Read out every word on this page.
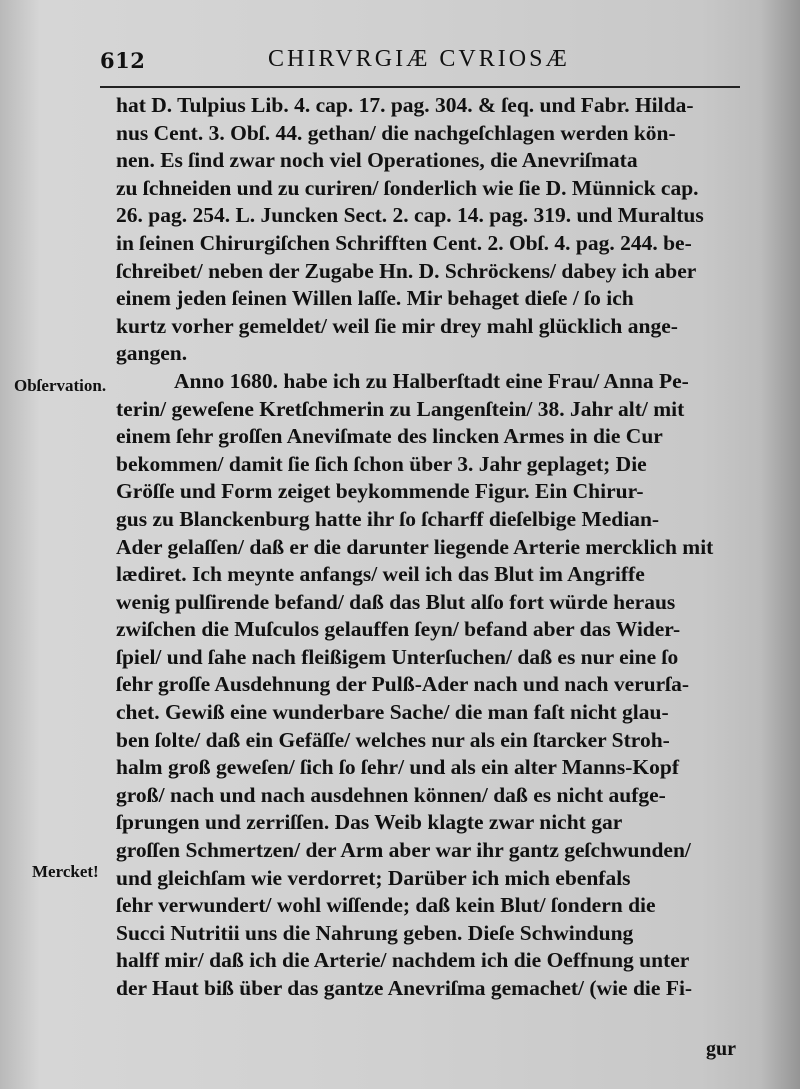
612	CHIRVRGIÆ CVRIOSÆ
Obſervation.
Mercket!
hat D. Tulpius Lib. 4. cap. 17. pag. 304. & ſeq. und Fabr. Hilda-
nus Cent. 3. Obſ. 44. gethan/ die nachgeſchlagen werden kön-
nen. Es ſind zwar noch viel Operationes, die Anevriſmata
zu ſchneiden und zu curiren/ ſonderlich wie ſie D. Münnick cap.
26. pag. 254. L. Juncken Sect. 2. cap. 14. pag. 319. und Muraltus
in ſeinen Chirurgiſchen Schrifften Cent. 2. Obſ. 4. pag. 244. be-
ſchreibet/ neben der Zugabe Hn. D. Schröckens/ dabey ich aber
einem jeden ſeinen Willen laſſe. Mir behaget dieſe / ſo ich
kurtz vorher gemeldet/ weil ſie mir drey mahl glücklich ange-
gangen.
Anno 1680. habe ich zu Halberſtadt eine Frau/ Anna Pe-
terin/ geweſene Kretſchmerin zu Langenſtein/ 38. Jahr alt/ mit
einem ſehr groſſen Aneviſmate des lincken Armes in die Cur
bekommen/ damit ſie ſich ſchon über 3. Jahr geplaget; Die
Gröſſe und Form zeiget beykommende Figur. Ein Chirur-
gus zu Blanckenburg hatte ihr ſo ſcharff dieſelbige Median-
Ader gelaſſen/ daß er die darunter liegende Arterie mercklich mit
lædiret. Ich meynte anfangs/ weil ich das Blut im Angriffe
wenig pulſirende befand/ daß das Blut alſo fort würde heraus
zwiſchen die Muſculos gelauffen ſeyn/ befand aber das Wider-
ſpiel/ und ſahe nach fleißigem Unterſuchen/ daß es nur eine ſo
ſehr groſſe Ausdehnung der Pulß-Ader nach und nach verurſa-
chet. Gewiß eine wunderbare Sache/ die man faſt nicht glau-
ben ſolte/ daß ein Gefäſſe/ welches nur als ein ſtarcker Stroh-
halm groß geweſen/ ſich ſo ſehr/ und als ein alter Manns-Kopf
groß/ nach und nach ausdehnen können/ daß es nicht aufge-
ſprungen und zerriſſen. Das Weib klagte zwar nicht gar
groſſen Schmertzen/ der Arm aber war ihr gantz geſchwunden/
und gleichſam wie verdorret; Darüber ich mich ebenfals
ſehr verwundert/ wohl wiſſende; daß kein Blut/ ſondern die
Succi Nutritii uns die Nahrung geben. Dieſe Schwindung
halff mir/ daß ich die Arterie/ nachdem ich die Oeffnung unter
der Haut biß über das gantze Anevriſma gemachet/ (wie die Fi-
gur
